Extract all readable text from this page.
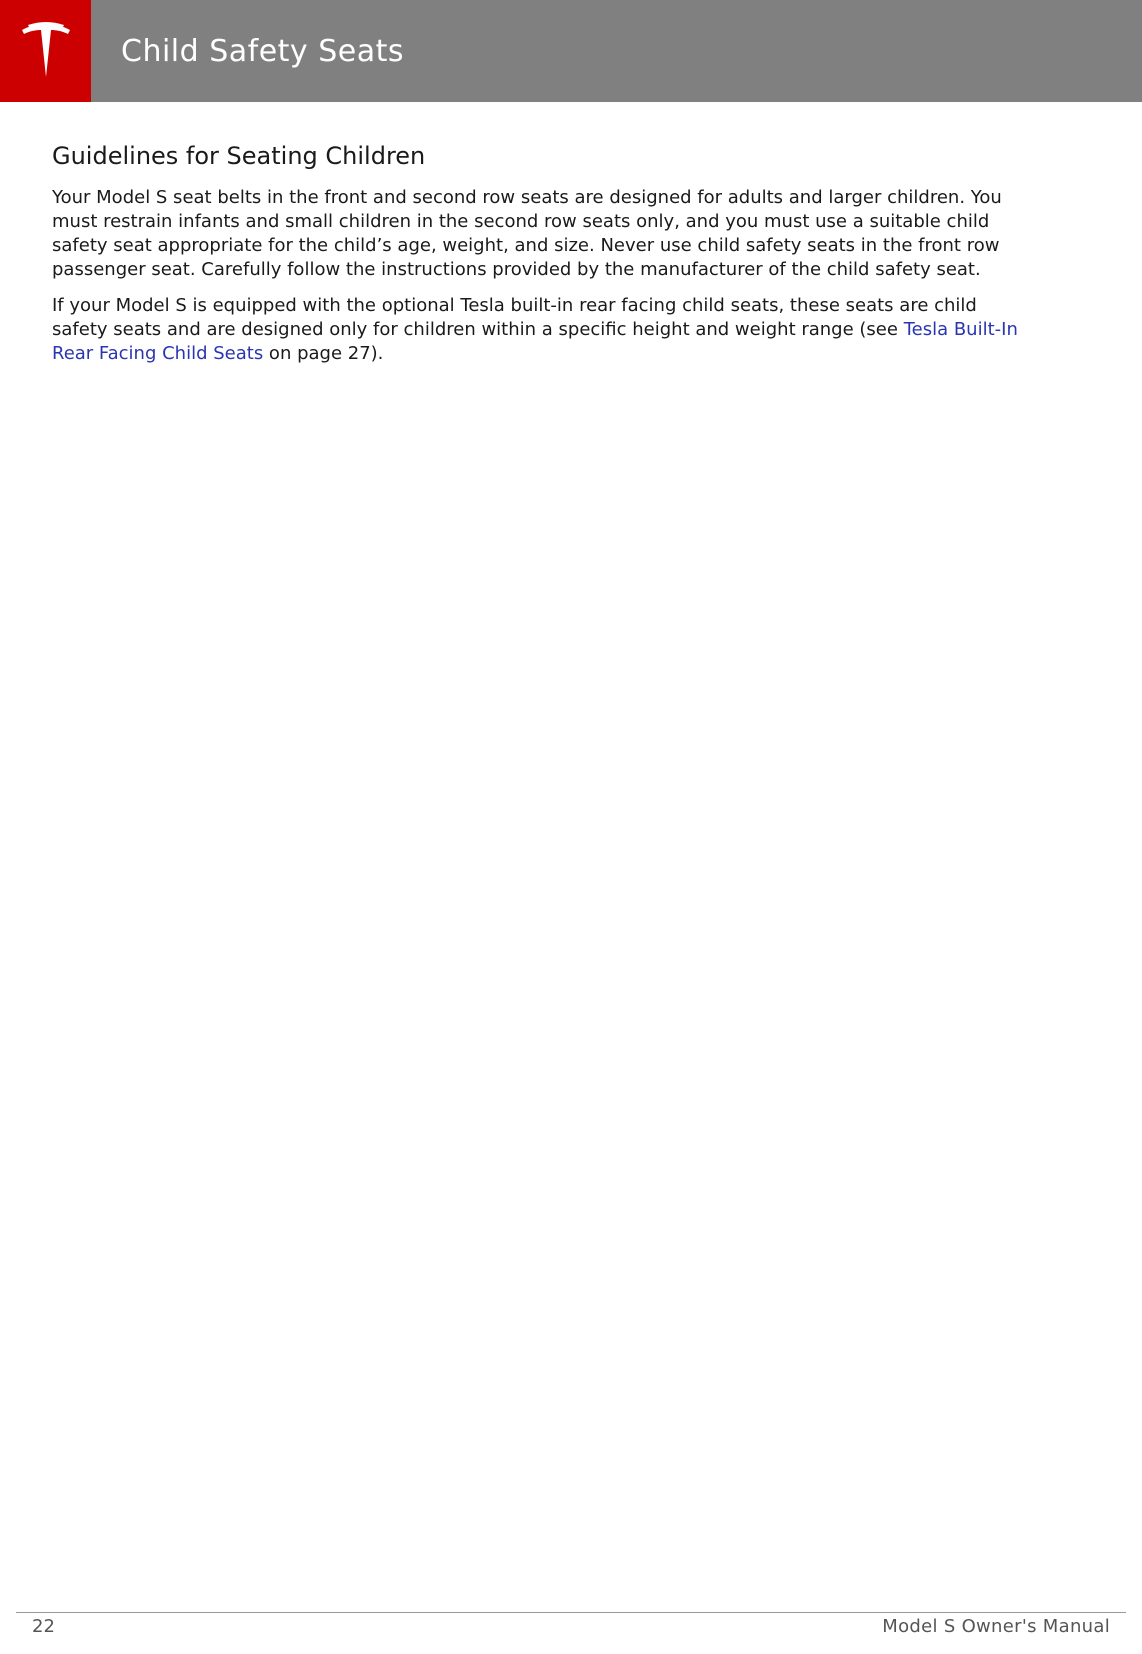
Child Safety Seats
Guidelines for Seating Children

Your Model S seat belts in the front and second row seats are designed for adults and larger children. You must restrain infants and small children in the second row seats only, and you must use a suitable child safety seat appropriate for the child’s age, weight, and size. Never use child safety seats in the front row passenger seat. Carefully follow the instructions provided by the manufacturer of the child safety seat.

If your Model S is equipped with the optional Tesla built-in rear facing child seats, these seats are child safety seats and are designed only for children within a specific height and weight range (see Tesla Built-In Rear Facing Child Seats on page 27).

22	Model S Owner's Manual
